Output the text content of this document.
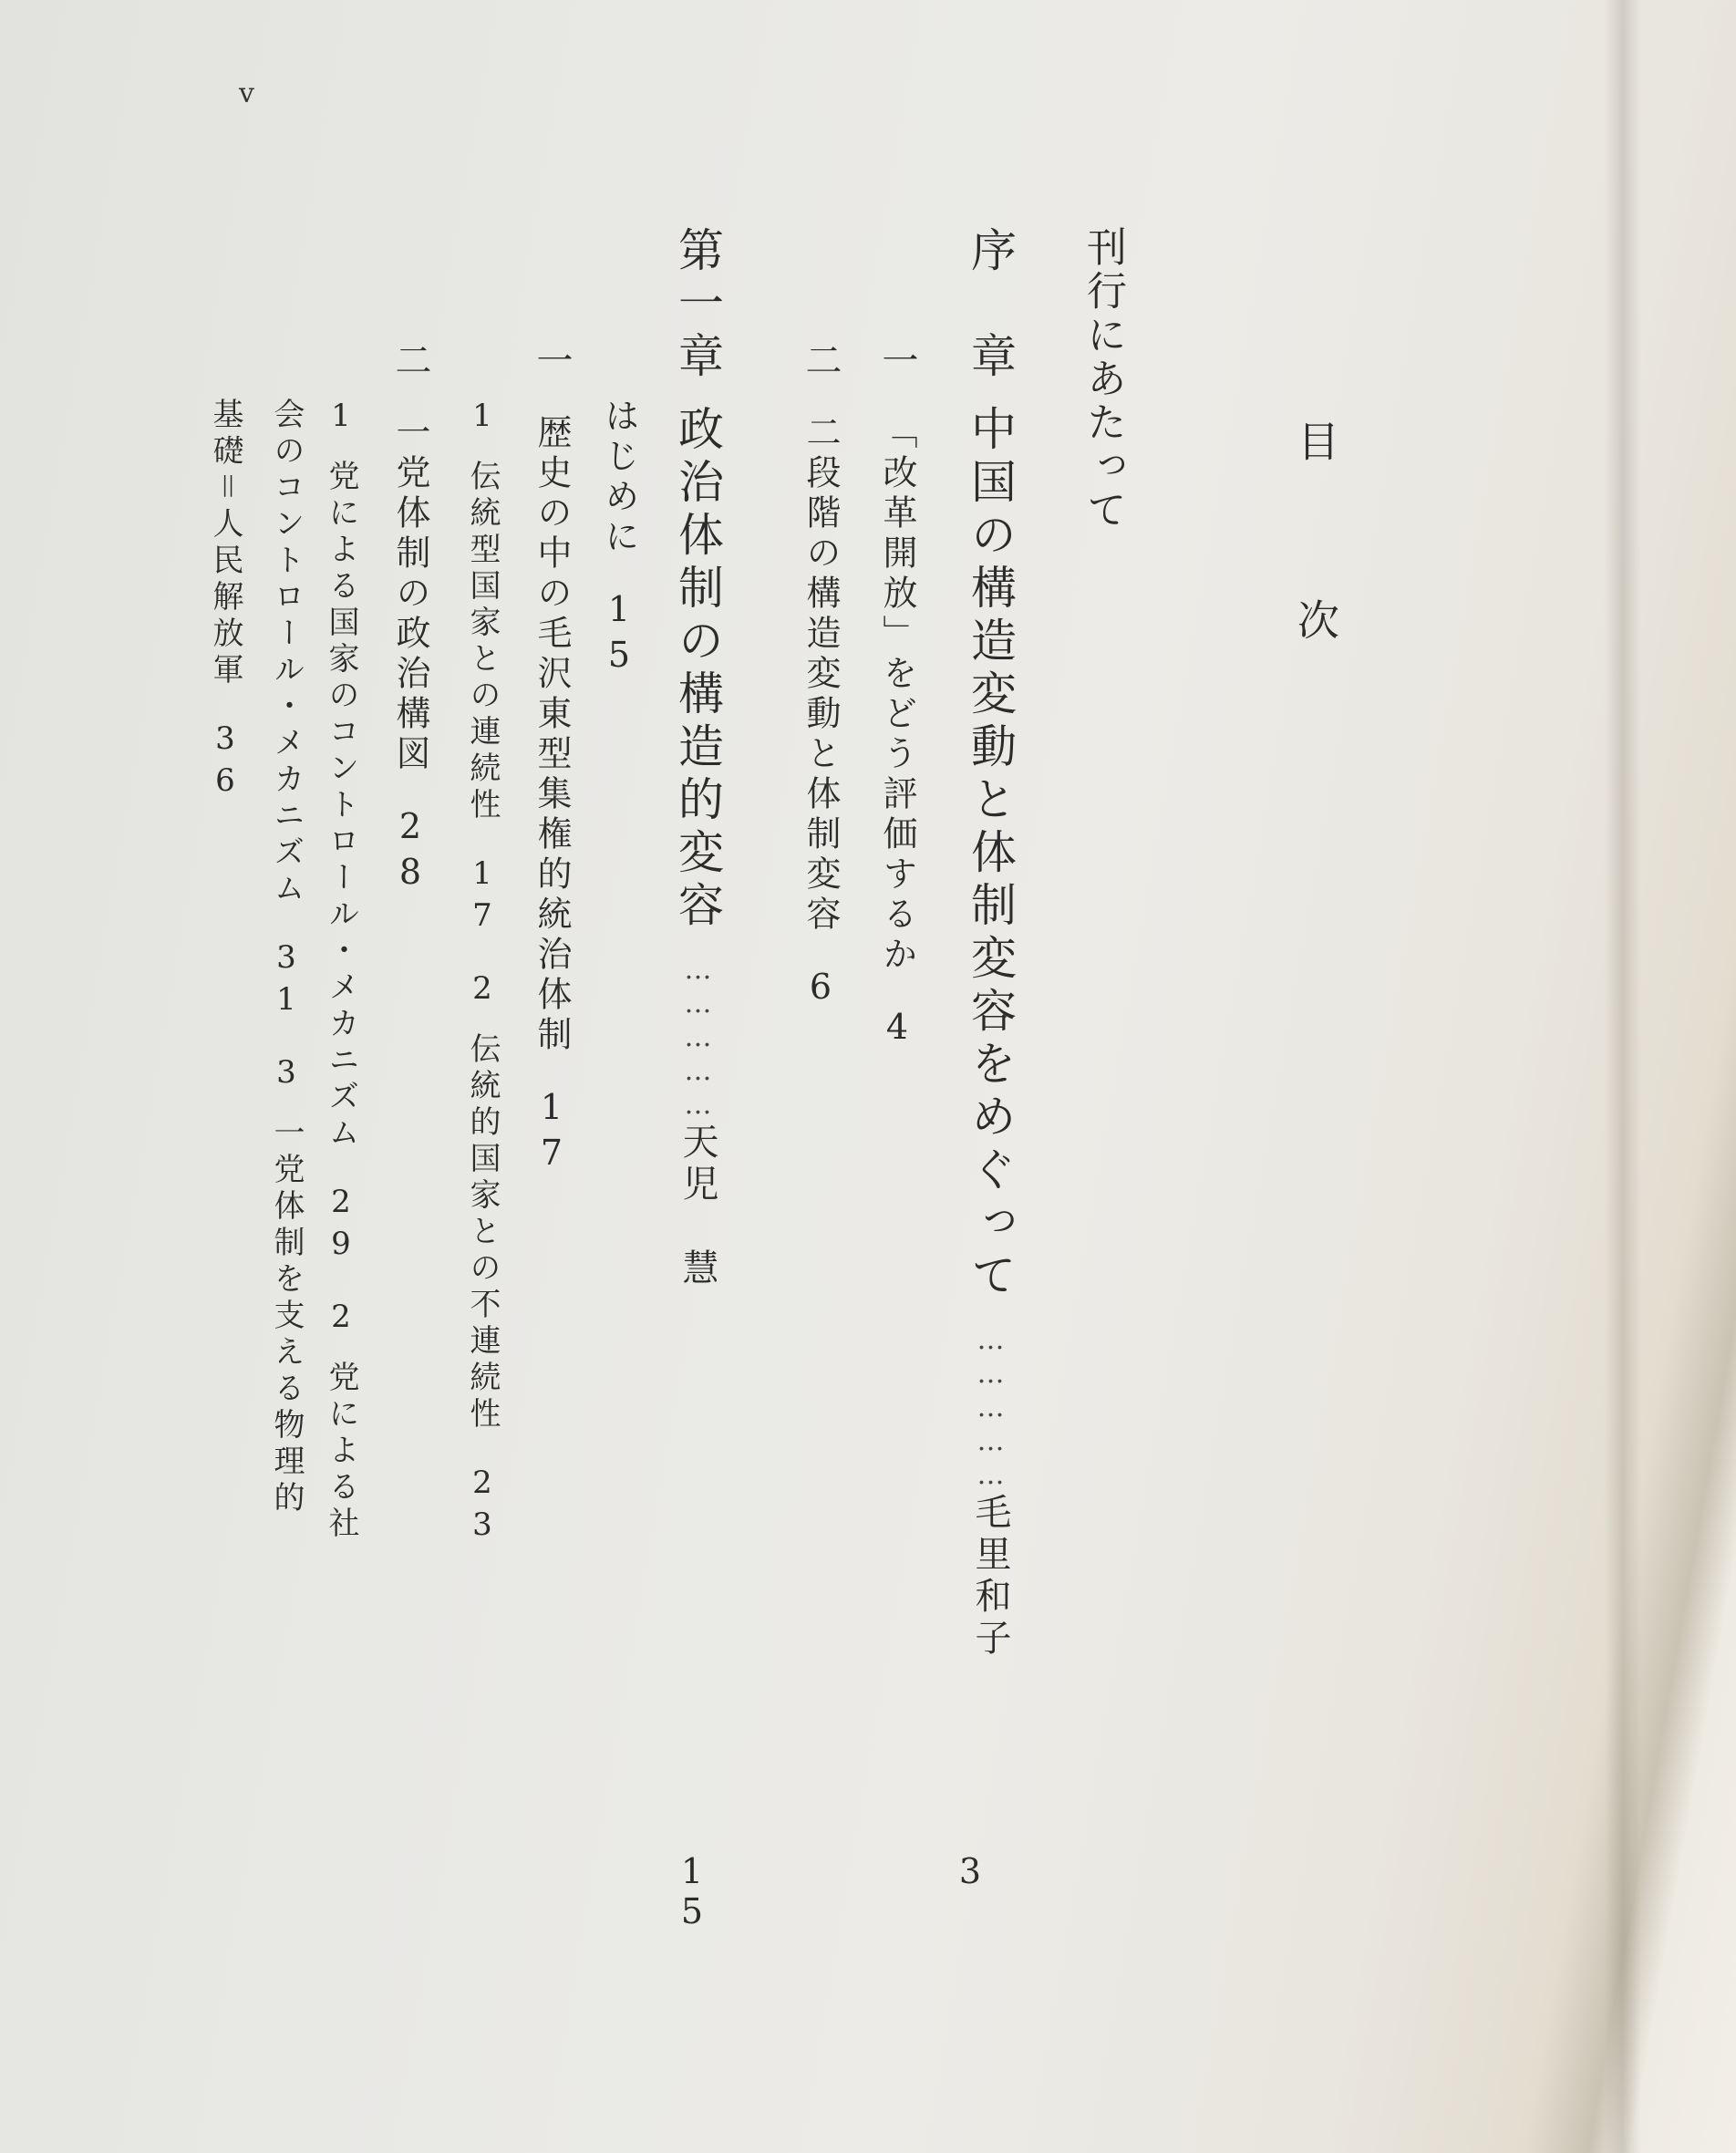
v
目次
刊行にあたって
序　章中国の構造変動と体制変容をめぐって……………毛里和子
3
一「改革開放」をどう評価するか4
二二段階の構造変動と体制変容6
第一章政治体制の構造的変容……………天児　慧
15
はじめに15
一歴史の中の毛沢東型集権的統治体制17
1伝統型国家との連続性172伝統的国家との不連続性23
二一党体制の政治構図28
1党による国家のコントロール・メカニズム292党による社
会のコントロール・メカニズム313一党体制を支える物理的
基礎＝人民解放軍36
